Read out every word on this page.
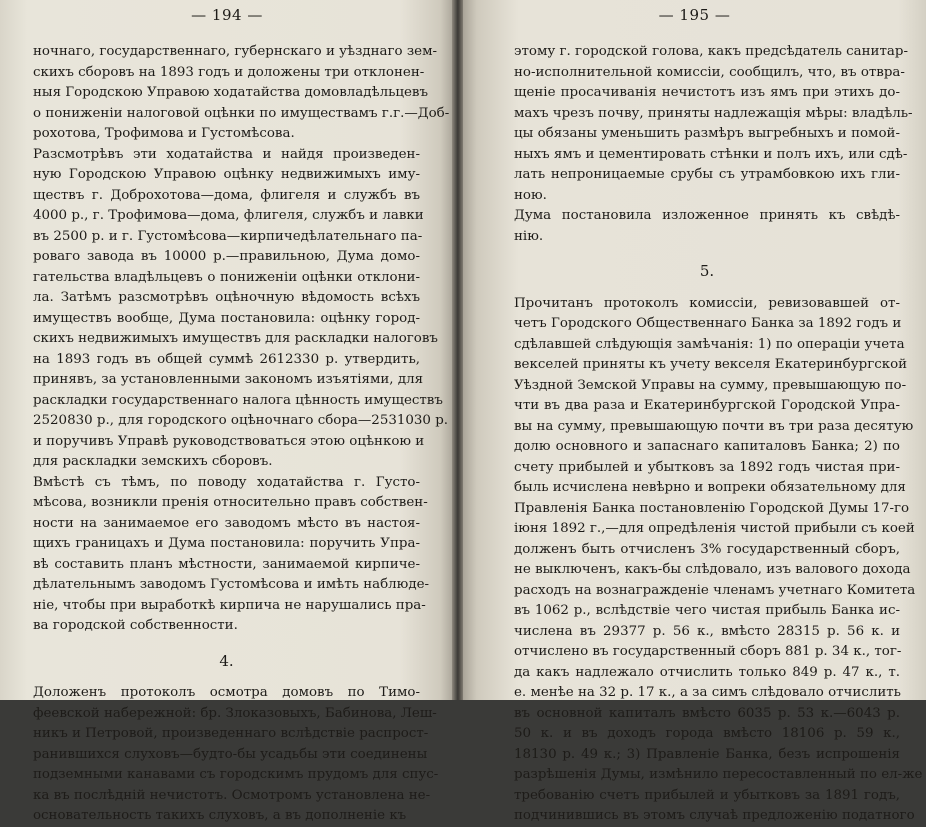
— 194 —
ночнаго, государственнаго, губернскаго и уѣзднаго зем-
скихъ сборовъ на 1893 годъ и доложены три отклонен-
ныя Городскою Управою ходатайства домовладѣльцевъ
о пониженіи налоговой оцѣнки по имуществамъ г.г.—Доб-
рохотова, Трофимова и Густомѣсова.
Разсмотрѣвъ эти ходатайства и найдя произведен-
ную Городскою Управою оцѣнку недвижимыхъ иму-
ществъ г. Доброхотова—дома, флигеля и службъ въ
4000 р., г. Трофимова—дома, флигеля, службъ и лавки
въ 2500 р. и г. Густомѣсова—кирпичедѣлательнаго па-
роваго завода въ 10000 р.—правильною, Дума домо-
гательства владѣльцевъ о пониженіи оцѣнки отклони-
ла. Затѣмъ разсмотрѣвъ оцѣночную вѣдомость всѣхъ
имуществъ вообще, Дума постановила: оцѣнку город-
скихъ недвижимыхъ имуществъ для раскладки налоговъ
на 1893 годъ въ общей суммѣ 2612330 р. утвердить,
принявъ, за установленными закономъ изъятіями, для
раскладки государственнаго налога цѣнность имуществъ
2520830 р., для городского оцѣночнаго сбора—2531030 р.
и поручивъ Управѣ руководствоваться этою оцѣнкою и
для раскладки земскихъ сборовъ.
Вмѣстѣ съ тѣмъ, по поводу ходатайства г. Густо-
мѣсова, возникли пренія относительно правъ собствен-
ности на занимаемое его заводомъ мѣсто въ настоя-
щихъ границахъ и Дума постановила: поручить Упра-
вѣ составить планъ мѣстности, занимаемой кирпиче-
дѣлательнымъ заводомъ Густомѣсова и имѣть наблюде-
ніе, чтобы при выработкѣ кирпича не нарушались пра-
ва городской собственности.
4.
Доложенъ протоколъ осмотра домовъ по Тимо-
феевской набережной: бр. Злоказовыхъ, Бабинова, Леш-
никъ и Петровой, произведеннаго вслѣдствіе распрост-
ранившихся слуховъ—будто-бы усадьбы эти соединены
подземными канавами съ городскимъ прудомъ для спус-
ка въ послѣдній нечистотъ. Осмотромъ установлена не-
основательность такихъ слуховъ, а въ дополненіе къ
— 195 —
этому г. городской голова, какъ предсѣдатель санитар-
но-исполнительной комиссіи, сообщилъ, что, въ отвра-
щеніе просачиванія нечистотъ изъ ямъ при этихъ до-
махъ чрезъ почву, приняты надлежащія мѣры: владѣль-
цы обязаны уменьшить размѣръ выгребныхъ и помой-
ныхъ ямъ и цементировать стѣнки и полъ ихъ, или сдѣ-
лать непроницаемые срубы съ утрамбовкою ихъ гли-
ною.
Дума постановила изложенное принять къ свѣдѣ-
нію.
5.
Прочитанъ протоколъ комиссіи, ревизовавшей от-
четъ Городского Общественнаго Банка за 1892 годъ и
сдѣлавшей слѣдующія замѣчанія: 1) по операціи учета
векселей приняты къ учету векселя Екатеринбургской
Уѣздной Земской Управы на сумму, превышающую по-
чти въ два раза и Екатеринбургской Городской Упра-
вы на сумму, превышающую почти въ три раза десятую
долю основного и запаснаго капиталовъ Банка; 2) по
счету прибылей и убытковъ за 1892 годъ чистая при-
быль исчислена невѣрно и вопреки обязательному для
Правленія Банка постановленію Городской Думы 17-го
іюня 1892 г.,—для опредѣленія чистой прибыли съ коей
долженъ быть отчисленъ 3% государственный сборъ,
не выключенъ, какъ-бы слѣдовало, изъ валового дохода
расходъ на вознагражденіе членамъ учетнаго Комитета
въ 1062 р., вслѣдствіе чего чистая прибыль Банка ис-
числена въ 29377 р. 56 к., вмѣсто 28315 р. 56 к. и
отчислено въ государственный сборъ 881 р. 34 к., тог-
да какъ надлежало отчислить только 849 р. 47 к., т.
е. менѣе на 32 р. 17 к., а за симъ слѣдовало отчислить
въ основной капиталъ вмѣсто 6035 р. 53 к.—6043 р.
50 к. и въ доходъ города вмѣсто 18106 р. 59 к.,
18130 р. 49 к.; 3) Правленіе Банка, безъ испрошенія
разрѣшенія Думы, измѣнило пересоставленный по ел-же
требованію счетъ прибылей и убытковъ за 1891 годъ,
подчинившись въ этомъ случаѣ предложенію податного
